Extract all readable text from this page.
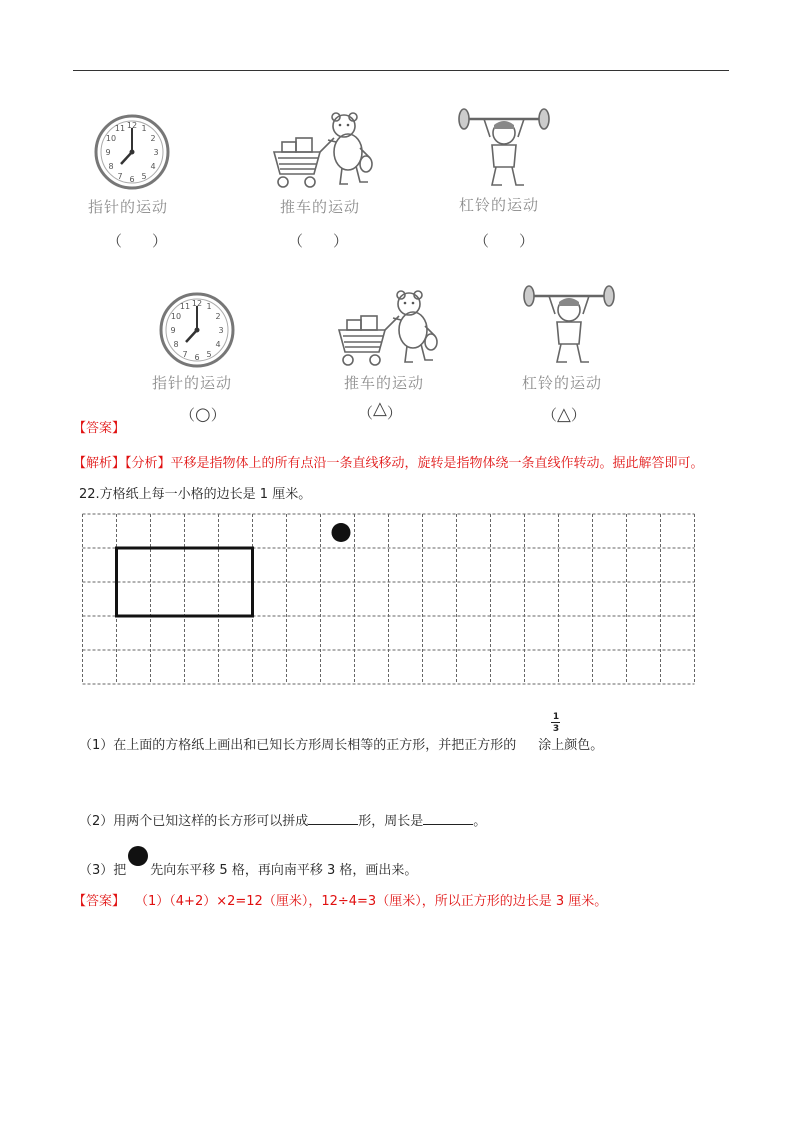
12
3
6
9
1
2
4
5
7
8
10
11
指针的运动	推车的运动	杠铃的运动
（　　）	（　　）	（　　）
12
3
6
9
1
2
4
5
7
8
10
11
指针的运动	推车的运动	杠铃的运动
（○）	（△）	（△）
【答案】
【解析】【分析】平移是指物体上的所有点沿一条直线移动，旋转是指物体绕一条直线作转动。据此解答即可。
22.方格纸上每一小格的边长是 1 厘米。
（1）在上面的方格纸上画出和已知长方形周长相等的正方形，并把正方形的 涂上颜色。
1
3
（2）用两个已知这样的长方形可以拼成	形，周长是	。
（3）把 先向东平移 5 格，再向南平移 3 格，画出来。
【答案】 （1）（4+2）×2=12（厘米），12÷4=3（厘米），所以正方形的边长是 3 厘米。
